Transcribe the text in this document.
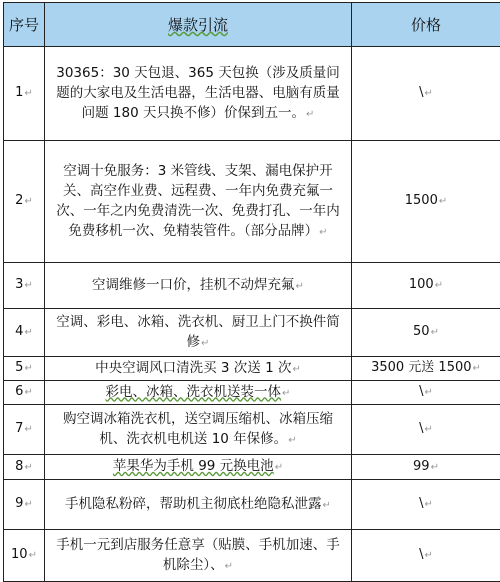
序号	爆款引流	价格
1↵	30365：30 天包退、365 天包换（涉及质量问题的大家电及生活电器，生活电器、电脑有质量问题 180 天只换不修）价保到五一。↵	\↵
2↵	空调十免服务：3 米管线、支架、漏电保护开关、高空作业费、远程费、一年内免费充氟一次、一年之内免费清洗一次、免费打孔、一年内免费移机一次、免精装管件。（部分品牌）↵	1500↵
3↵	空调维修一口价，挂机不动焊充氟↵	100↵
4↵	空调、彩电、冰箱、洗衣机、厨卫上门不换件简修↵	50↵
5↵	中央空调风口清洗买 3 次送 1 次↵	3500 元送 1500↵
6↵	彩电、冰箱、洗衣机送装一体↵	\↵
7↵	购空调冰箱洗衣机，送空调压缩机、冰箱压缩机、洗衣机电机送 10 年保修。↵	\↵
8↵	苹果华为手机 99 元换电池↵	99↵
9↵	手机隐私粉碎，帮助机主彻底杜绝隐私泄露↵	\↵
10↵	手机一元到店服务任意享（贴膜、手机加速、手机除尘）、↵	\↵
